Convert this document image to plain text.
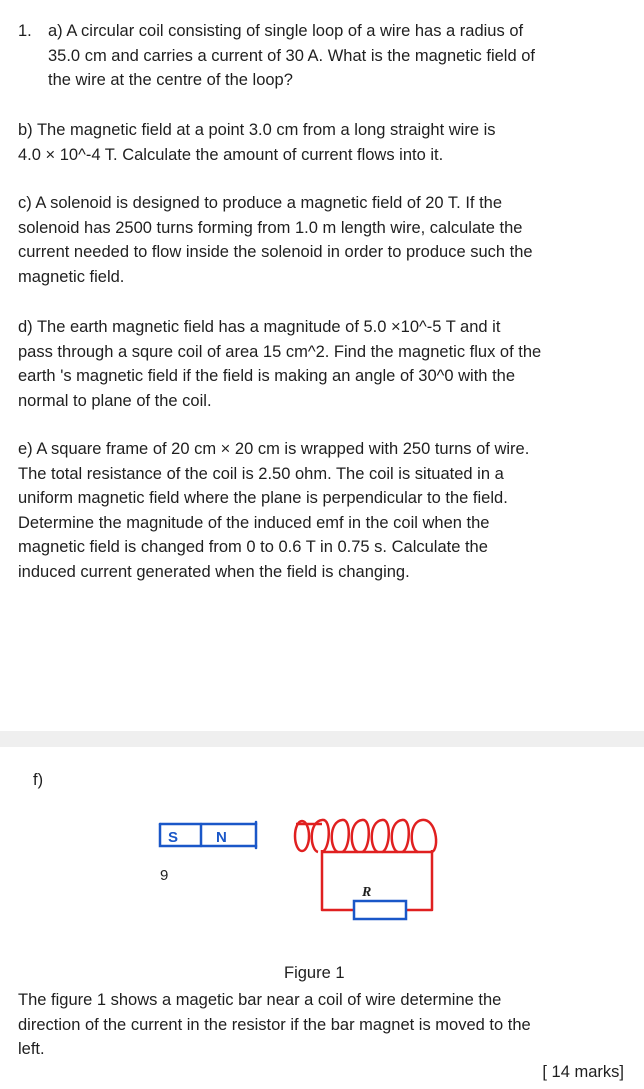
1. a) A circular coil consisting of single loop of a wire has a radius of
35.0 cm and carries a current of 30 A. What is the magnetic field of
the wire at the centre of the loop?
b) The magnetic field at a point 3.0 cm from a long straight wire is
4.0 × 10^-4 T. Calculate the amount of current flows into it.
c) A solenoid is designed to produce a magnetic field of 20 T. If the
solenoid has 2500 turns forming from 1.0 m length wire, calculate the
current needed to flow inside the solenoid in order to produce such the
magnetic field.
d) The earth magnetic field has a magnitude of 5.0 ×10^-5 T and it
pass through a squre coil of area 15 cm^2. Find the magnetic flux of the
earth 's magnetic field if the field is making an angle of 30^0 with the
normal to plane of the coil.
e) A square frame of 20 cm × 20 cm is wrapped with 250 turns of wire.
The total resistance of the coil is 2.50 ohm. The coil is situated in a
uniform magnetic field where the plane is perpendicular to the field.
Determine the magnitude of the induced emf in the coil when the
magnetic field is changed from 0 to 0.6 T in 0.75 s. Calculate the
induced current generated when the field is changing.
f)
S	N
9
R
Figure 1
The figure 1 shows a magetic bar near a coil of wire determine the
direction of the current in the resistor if the bar magnet is moved to the
left.
[ 14 marks]
